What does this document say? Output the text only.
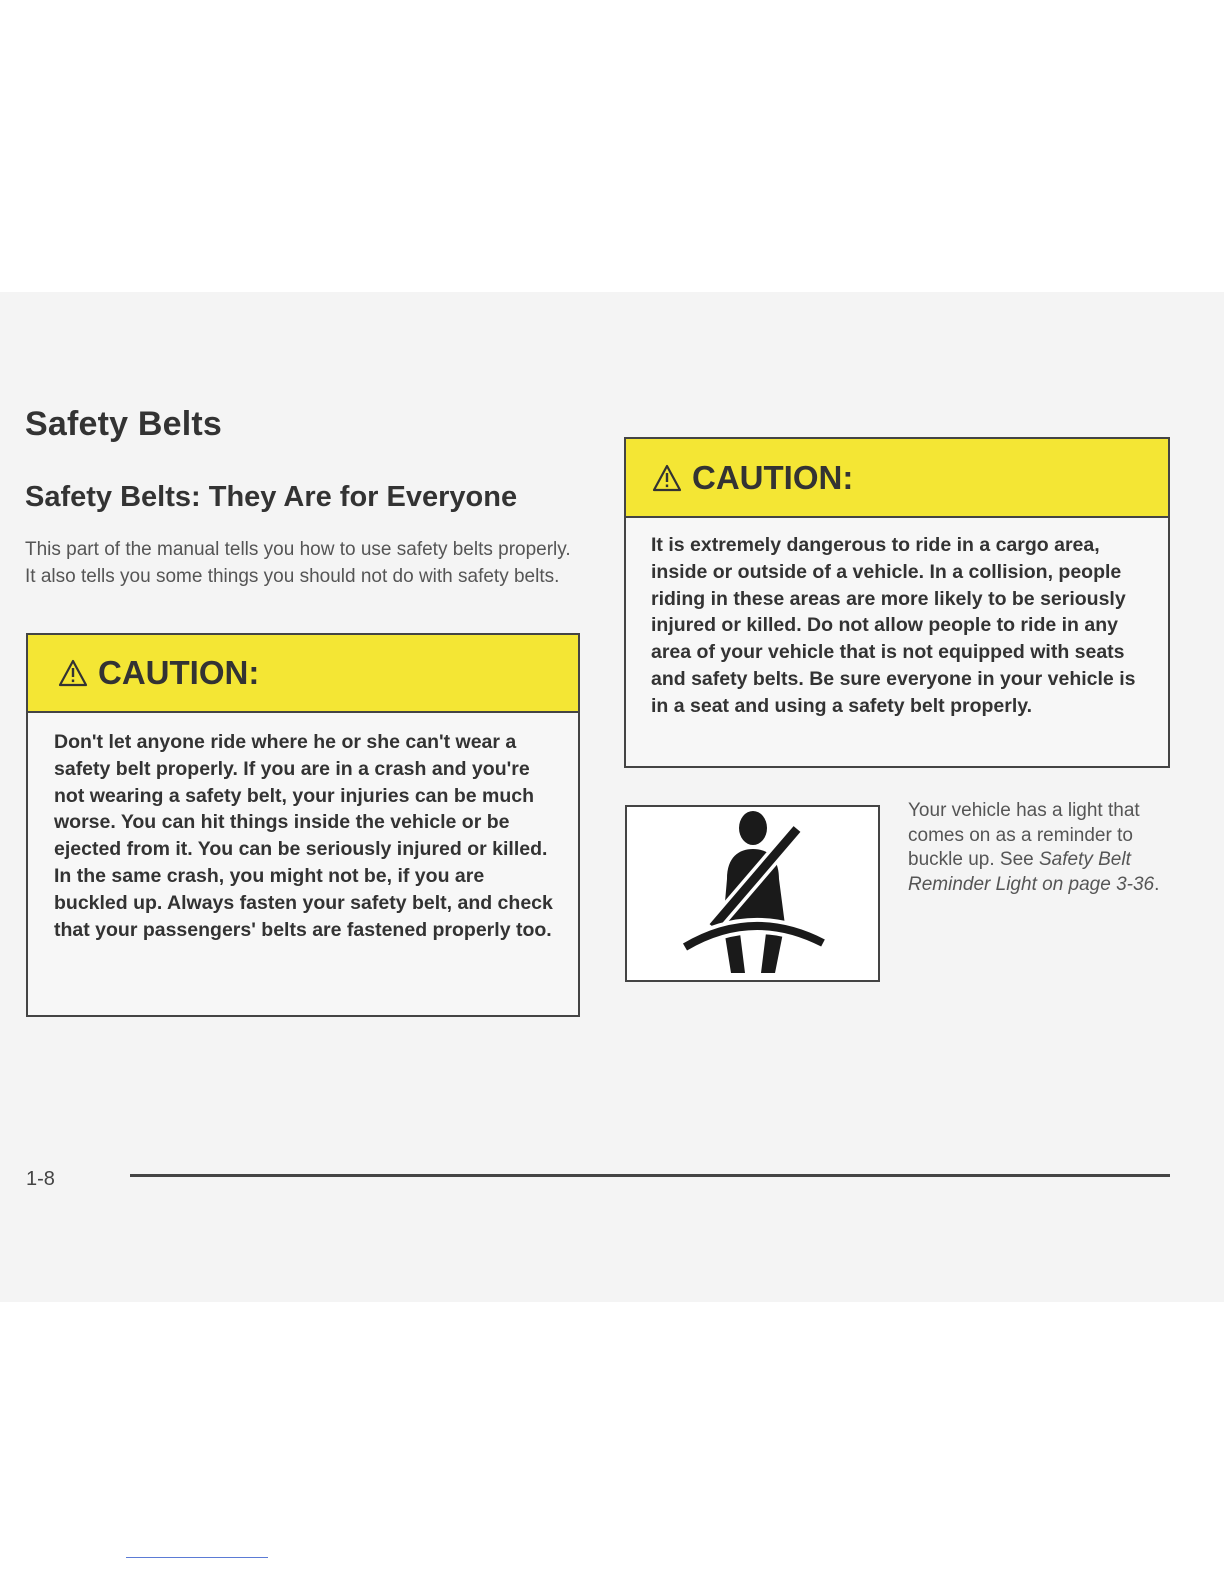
Safety Belts
Safety Belts: They Are for Everyone

This part of the manual tells you how to use safety belts properly. It also tells you some things you should not do with safety belts.

CAUTION:

Don't let anyone ride where he or she can't wear a safety belt properly. If you are in a crash and you're not wearing a safety belt, your injuries can be much worse. You can hit things inside the vehicle or be ejected from it. You can be seriously injured or killed. In the same crash, you might not be, if you are buckled up. Always fasten your safety belt, and check that your passengers' belts are fastened properly too.

CAUTION:

It is extremely dangerous to ride in a cargo area, inside or outside of a vehicle. In a collision, people riding in these areas are more likely to be seriously injured or killed. Do not allow people to ride in any area of your vehicle that is not equipped with seats and safety belts. Be sure everyone in your vehicle is in a seat and using a safety belt properly.

Your vehicle has a light that comes on as a reminder to buckle up. See Safety Belt Reminder Light on page 3-36.

1-8
